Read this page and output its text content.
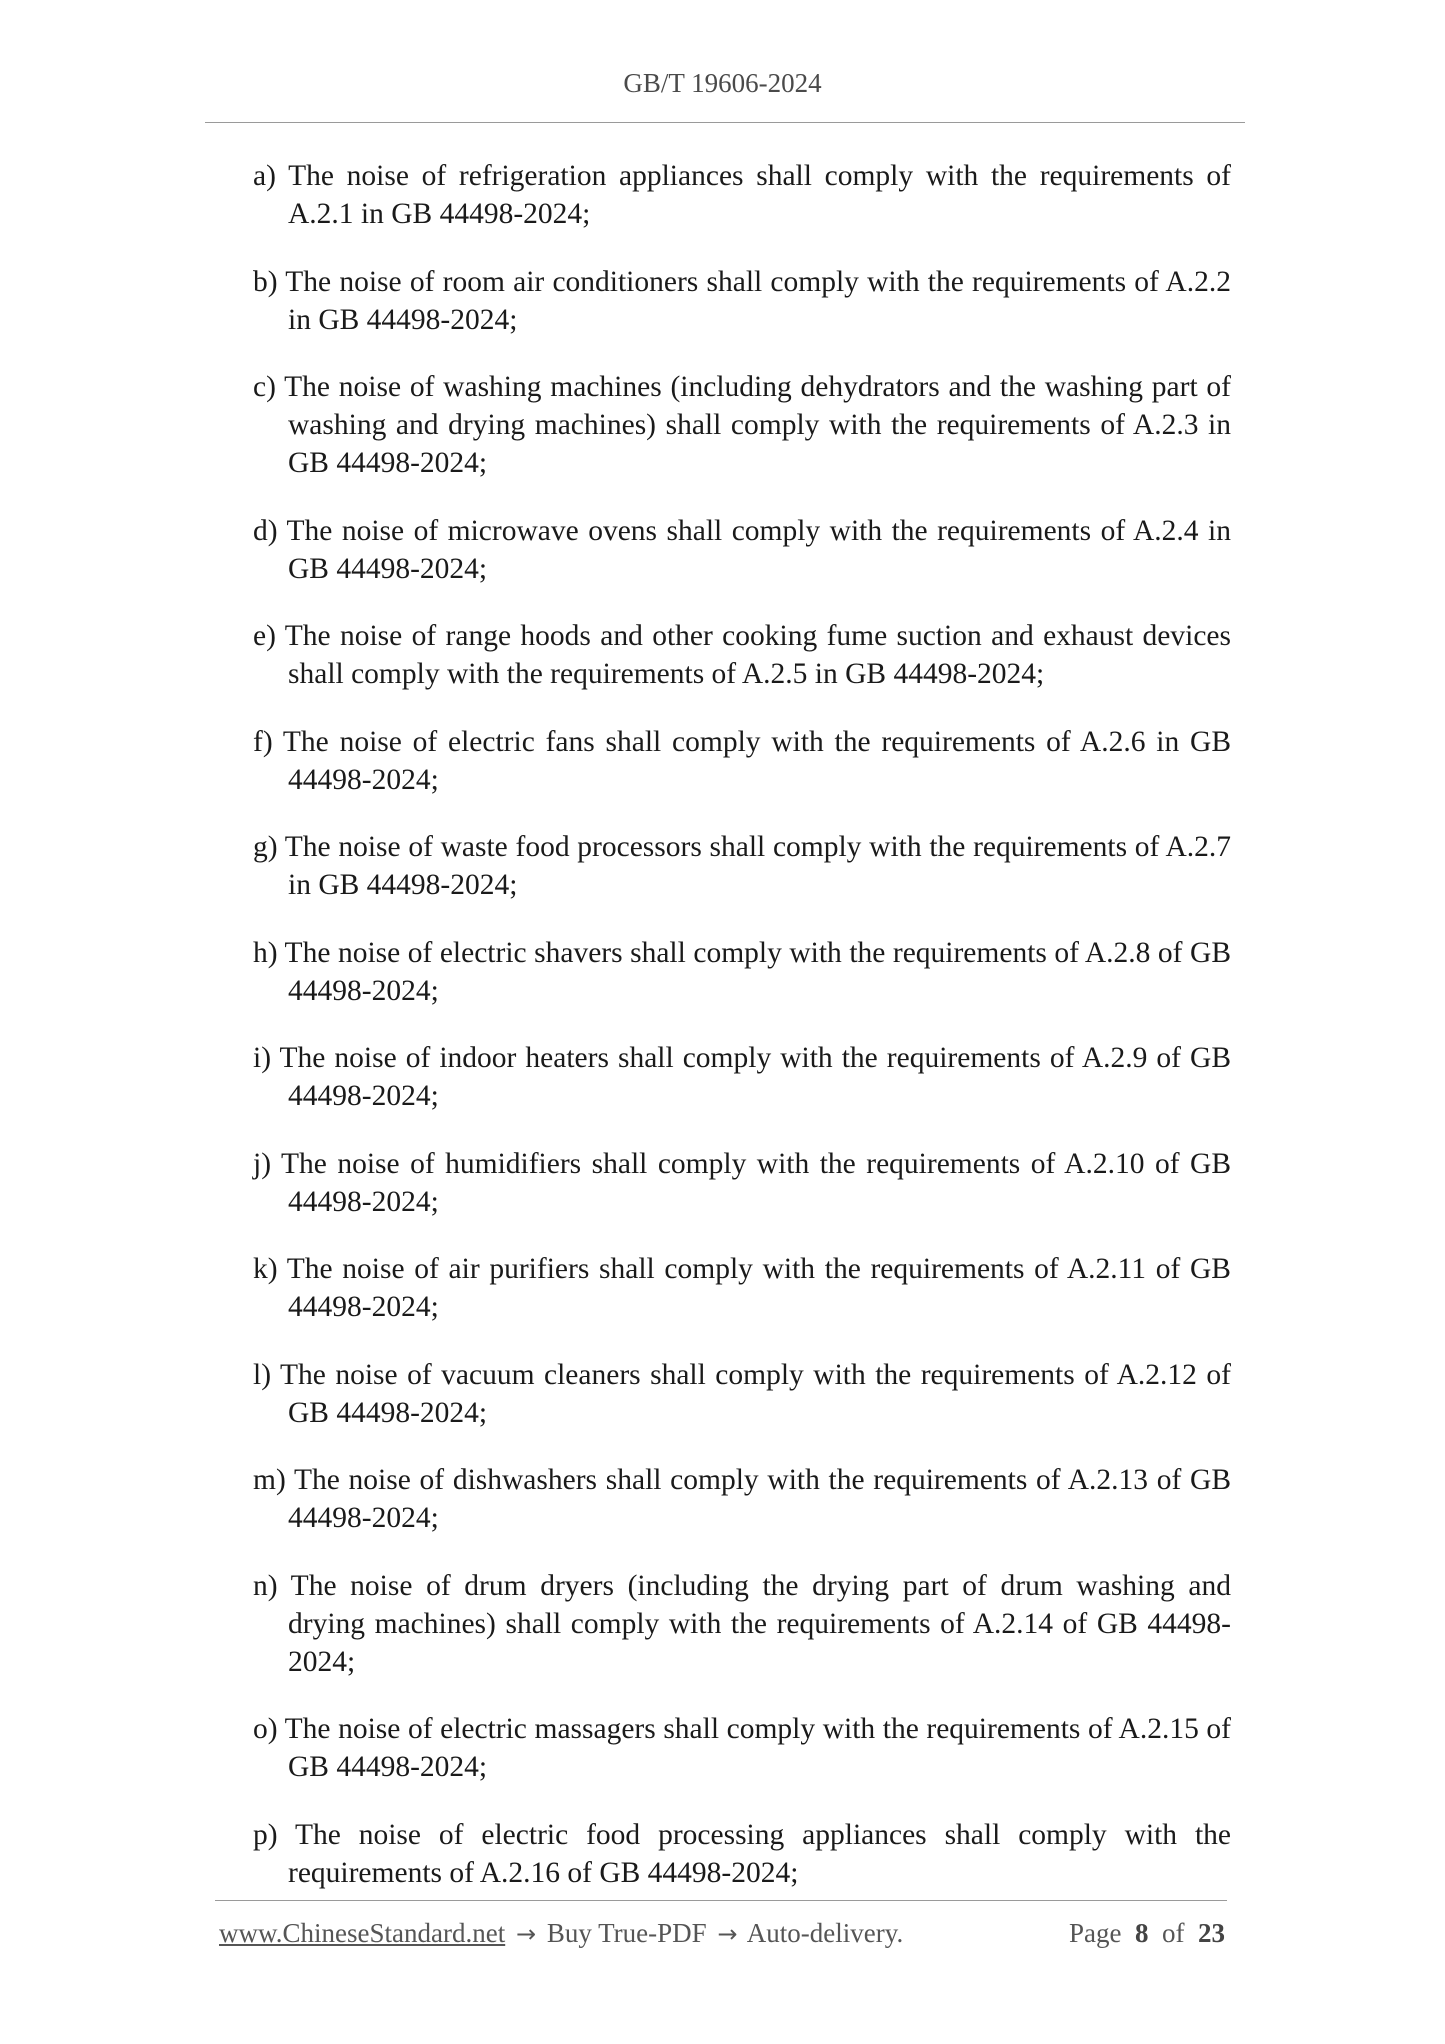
GB/T 19606-2024
a) The noise of refrigeration appliances shall comply with the requirements of A.2.1 in GB 44498-2024;
b) The noise of room air conditioners shall comply with the requirements of A.2.2 in GB 44498-2024;
c) The noise of washing machines (including dehydrators and the washing part of washing and drying machines) shall comply with the requirements of A.2.3 in GB 44498-2024;
d) The noise of microwave ovens shall comply with the requirements of A.2.4 in GB 44498-2024;
e) The noise of range hoods and other cooking fume suction and exhaust devices shall comply with the requirements of A.2.5 in GB 44498-2024;
f) The noise of electric fans shall comply with the requirements of A.2.6 in GB 44498-2024;
g) The noise of waste food processors shall comply with the requirements of A.2.7 in GB 44498-2024;
h) The noise of electric shavers shall comply with the requirements of A.2.8 of GB 44498-2024;
i) The noise of indoor heaters shall comply with the requirements of A.2.9 of GB 44498-2024;
j) The noise of humidifiers shall comply with the requirements of A.2.10 of GB 44498-2024;
k) The noise of air purifiers shall comply with the requirements of A.2.11 of GB 44498-2024;
l) The noise of vacuum cleaners shall comply with the requirements of A.2.12 of GB 44498-2024;
m) The noise of dishwashers shall comply with the requirements of A.2.13 of GB 44498-2024;
n) The noise of drum dryers (including the drying part of drum washing and drying machines) shall comply with the requirements of A.2.14 of GB 44498-2024;
o) The noise of electric massagers shall comply with the requirements of A.2.15 of GB 44498-2024;
p) The noise of electric food processing appliances shall comply with the requirements of A.2.16 of GB 44498-2024;
www.ChineseStandard.net → Buy True-PDF → Auto-delivery.	Page 8 of 23
